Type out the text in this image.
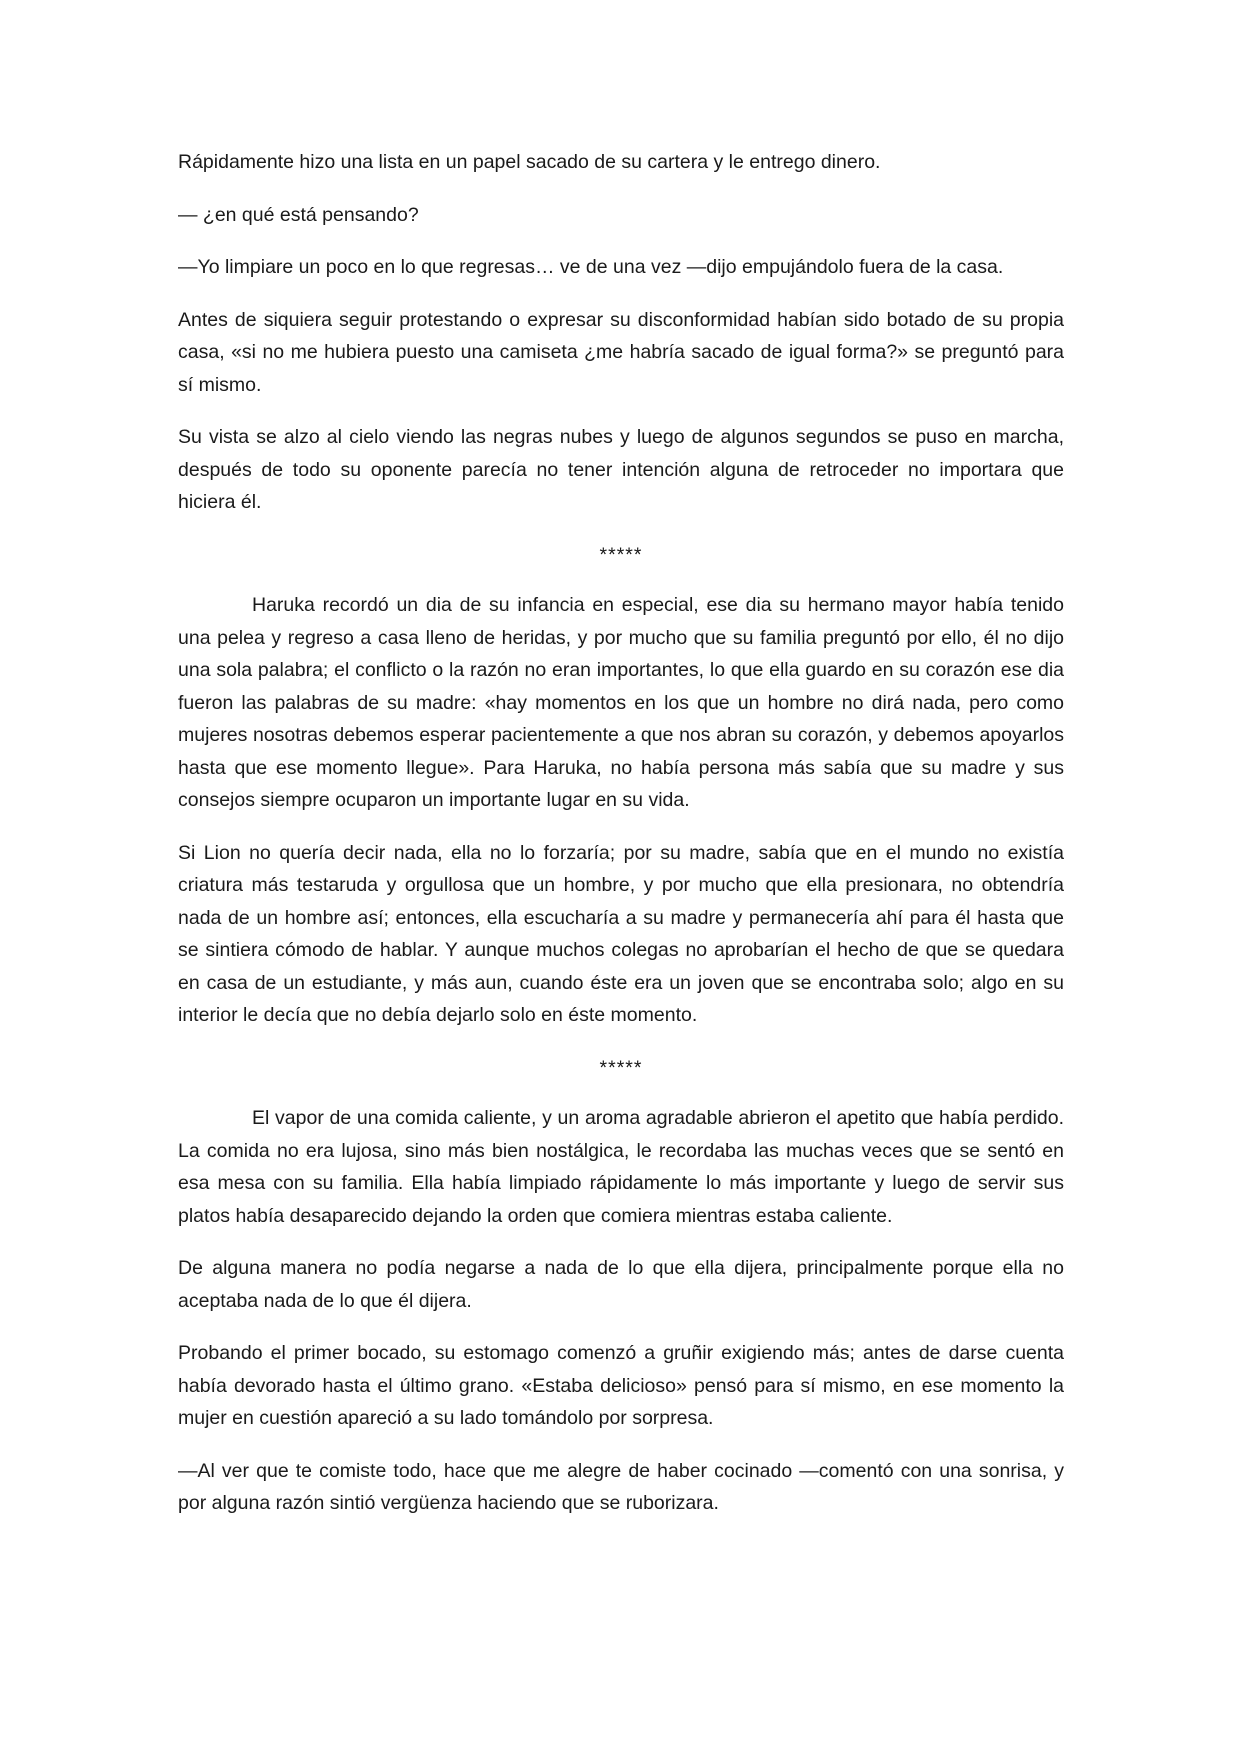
Rápidamente hizo una lista en un papel sacado de su cartera y le entrego dinero.

— ¿en qué está pensando?

—Yo limpiare un poco en lo que regresas… ve de una vez —dijo empujándolo fuera de la casa.

Antes de siquiera seguir protestando o expresar su disconformidad habían sido botado de su propia casa, «si no me hubiera puesto una camiseta ¿me habría sacado de igual forma?» se preguntó para sí mismo.

Su vista se alzo al cielo viendo las negras nubes y luego de algunos segundos se puso en marcha, después de todo su oponente parecía no tener intención alguna de retroceder no importara que hiciera él.

*****

Haruka recordó un dia de su infancia en especial, ese dia su hermano mayor había tenido una pelea y regreso a casa lleno de heridas, y por mucho que su familia preguntó por ello, él no dijo una sola palabra; el conflicto o la razón no eran importantes, lo que ella guardo en su corazón ese dia fueron las palabras de su madre: «hay momentos en los que un hombre no dirá nada, pero como mujeres nosotras debemos esperar pacientemente a que nos abran su corazón, y debemos apoyarlos hasta que ese momento llegue». Para Haruka, no había persona más sabía que su madre y sus consejos siempre ocuparon un importante lugar en su vida.

Si Lion no quería decir nada, ella no lo forzaría; por su madre, sabía que en el mundo no existía criatura más testaruda y orgullosa que un hombre, y por mucho que ella presionara, no obtendría nada de un hombre así; entonces, ella escucharía a su madre y permanecería ahí para él hasta que se sintiera cómodo de hablar. Y aunque muchos colegas no aprobarían el hecho de que se quedara en casa de un estudiante, y más aun, cuando éste era un joven que se encontraba solo; algo en su interior le decía que no debía dejarlo solo en éste momento.

*****

El vapor de una comida caliente, y un aroma agradable abrieron el apetito que había perdido. La comida no era lujosa, sino más bien nostálgica, le recordaba las muchas veces que se sentó en esa mesa con su familia. Ella había limpiado rápidamente lo más importante y luego de servir sus platos había desaparecido dejando la orden que comiera mientras estaba caliente.

De alguna manera no podía negarse a nada de lo que ella dijera, principalmente porque ella no aceptaba nada de lo que él dijera.

Probando el primer bocado, su estomago comenzó a gruñir exigiendo más; antes de darse cuenta había devorado hasta el último grano. «Estaba delicioso» pensó para sí mismo, en ese momento la mujer en cuestión apareció a su lado tomándolo por sorpresa.

—Al ver que te comiste todo, hace que me alegre de haber cocinado —comentó con una sonrisa, y por alguna razón sintió vergüenza haciendo que se ruborizara.
